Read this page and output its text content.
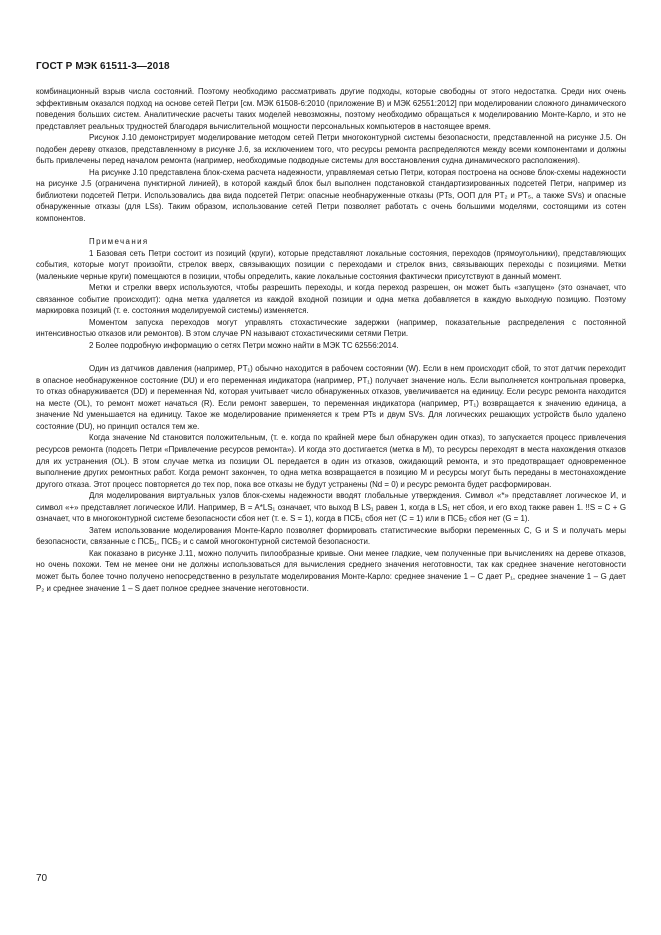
ГОСТ Р МЭК 61511-3—2018

комбинационный взрыв числа состояний. Поэтому необходимо рассматривать другие подходы, которые свободны от этого недостатка. Среди них очень эффективным оказался подход на основе сетей Петри [см. МЭК 61508-6:2010 (приложение B) и МЭК 62551:2012] при моделировании сложного динамического поведения больших систем. Аналитические расчеты таких моделей невозможны, поэтому необходимо обращаться к моделированию Монте-Карло, и это не представляет реальных трудностей благодаря вычислительной мощности персональных компьютеров в настоящее время.

Рисунок J.10 демонстрирует моделирование методом сетей Петри многоконтурной системы безопасности, представленной на рисунке J.5. Он подобен дереву отказов, представленному в рисунке J.6, за исключением того, что ресурсы ремонта распределяются между всеми компонентами и должны быть привлечены перед началом ремонта (например, необходимые подводные системы для восстановления судна динамического расположения).

На рисунке J.10 представлена блок-схема расчета надежности, управляемая сетью Петри, которая построена на основе блок-схемы надежности на рисунке J.5 (ограничена пунктирной линией), в которой каждый блок был выполнен подстановкой стандартизированных подсетей Петри, например из библиотеки подсетей Петри. Использовались два вида подсетей Петри: опасные необнаруженные отказы (PTs, ООП для PT₂ и PT₅, а также SVs) и опасные обнаруженные отказы (для LSs). Таким образом, использование сетей Петри позволяет работать с очень большими моделями, состоящими из сотен компонентов.

Примечания

1 Базовая сеть Петри состоит из позиций (круги), которые представляют локальные состояния, переходов (прямоугольники), представляющих события, которые могут произойти, стрелок вверх, связывающих позиции с переходами и стрелок вниз, связывающих переходы с позициями. Метки (маленькие черные круги) помещаются в позиции, чтобы определить, какие локальные состояния фактически присутствуют в данный момент.

Метки и стрелки вверх используются, чтобы разрешить переходы, и когда переход разрешен, он может быть «запущен» (это означает, что связанное событие происходит): одна метка удаляется из каждой входной позиции и одна метка добавляется в каждую выходную позицию. Поэтому маркировка позиций (т. е. состояния моделируемой системы) изменяется.

Моментом запуска переходов могут управлять стохастические задержки (например, показательные распределения с постоянной интенсивностью отказов или ремонтов). В этом случае PN называют стохастическими сетями Петри.

2 Более подробную информацию о сетях Петри можно найти в МЭК ТС 62556:2014.

Один из датчиков давления (например, PT₁) обычно находится в рабочем состоянии (W). Если в нем происходит сбой, то этот датчик переходит в опасное необнаруженное состояние (DU) и его переменная индикатора (например, PT₁) получает значение ноль. Если выполняется контрольная проверка, то отказ обнаруживается (DD) и переменная Nd, которая учитывает число обнаруженных отказов, увеличивается на единицу. Если ресурс ремонта находится на месте (OL), то ремонт может начаться (R). Если ремонт завершен, то переменная индикатора (например, PT₁) возвращается к значению единица, а значение Nd уменьшается на единицу. Такое же моделирование применяется к трем PTs и двум SVs. Для логических решающих устройств было удалено состояние (DU), но принцип остался тем же.

Когда значение Nd становится положительным, (т. е. когда по крайней мере был обнаружен один отказ), то запускается процесс привлечения ресурсов ремонта (подсеть Петри «Привлечение ресурсов ремонта»). И когда это достигается (метка в M), то ресурсы переходят в места нахождения отказов для их устранения (OL). В этом случае метка из позиции OL передается в один из отказов, ожидающий ремонта, и это предотвращает одновременное выполнение других ремонтных работ. Когда ремонт закончен, то одна метка возвращается в позицию M и ресурсы могут быть переданы в местонахождение другого отказа. Этот процесс повторяется до тех пор, пока все отказы не будут устранены (Nd = 0) и ресурс ремонта будет расформирован.

Для моделирования виртуальных узлов блок-схемы надежности вводят глобальные утверждения. Символ «*» представляет логическое И, и символ «+» представляет логическое ИЛИ. Например, B = A*LS₁ означает, что выход B LS₁ равен 1, когда в LS₁ нет сбоя, и его вход также равен 1. !!S = C + G означает, что в многоконтурной системе безопасности сбоя нет (т. е. S = 1), когда в ПСБ₁ сбоя нет (C = 1) или в ПСБ₂ сбоя нет (G = 1).

Затем использование моделирования Монте-Карло позволяет формировать статистические выборки переменных C, G и S и получать меры безопасности, связанные с ПСБ₁, ПСБ₂ и с самой многоконтурной системой безопасности.

Как показано в рисунке J.11, можно получить пилообразные кривые. Они менее гладкие, чем полученные при вычислениях на дереве отказов, но очень похожи. Тем не менее они не должны использоваться для вычисления среднего значения неготовности, так как среднее значение неготовности может быть более точно получено непосредственно в результате моделирования Монте-Карло: среднее значение 1 – C дает P₁, среднее значение 1 – G дает P₂ и среднее значение 1 – S дает полное среднее значение неготовности.

70
